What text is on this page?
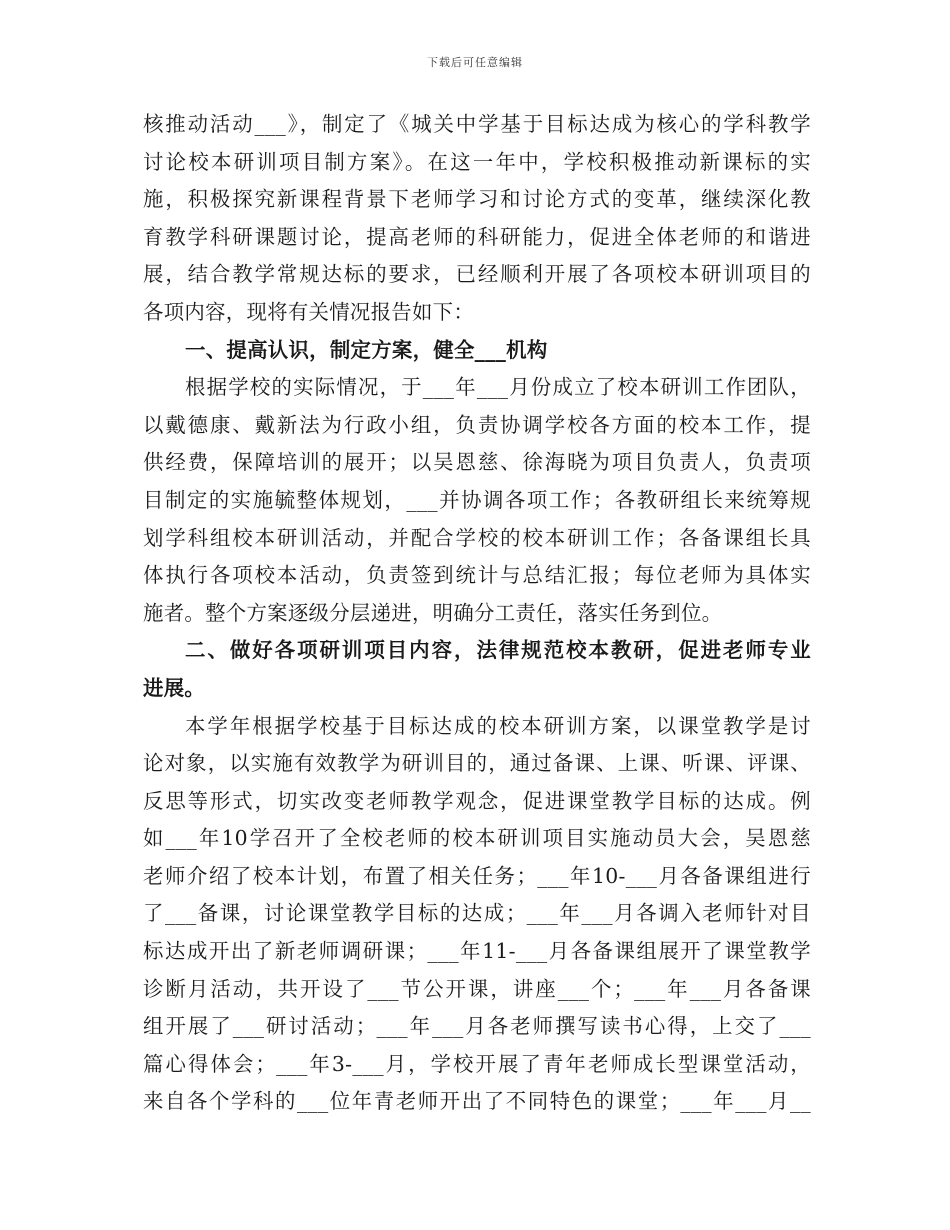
下载后可任意编辑
核推动活动___》，制定了《城关中学基于目标达成为核心的学科教学
讨论校本研训项目制方案》。在这一年中，学校积极推动新课标的实
施，积极探究新课程背景下老师学习和讨论方式的变革，继续深化教
育教学科研课题讨论，提高老师的科研能力，促进全体老师的和谐进
展，结合教学常规达标的要求，已经顺利开展了各项校本研训项目的
各项内容，现将有关情况报告如下：
一、提高认识，制定方案，健全___机构
根据学校的实际情况，于___年___月份成立了校本研训工作团队，
以戴德康、戴新法为行政小组，负责协调学校各方面的校本工作，提
供经费，保障培训的展开；以吴恩慈、徐海晓为项目负责人，负责项
目制定的实施毓整体规划，___并协调各项工作；各教研组长来统筹规
划学科组校本研训活动，并配合学校的校本研训工作；各备课组长具
体执行各项校本活动，负责签到统计与总结汇报；每位老师为具体实
施者。整个方案逐级分层递进，明确分工责任，落实任务到位。
二、做好各项研训项目内容，法律规范校本教研，促进老师专业
进展。
本学年根据学校基于目标达成的校本研训方案，以课堂教学是讨
论对象，以实施有效教学为研训目的，通过备课、上课、听课、评课、
反思等形式，切实改变老师教学观念，促进课堂教学目标的达成。例
如___年10学召开了全校老师的校本研训项目实施动员大会，吴恩慈
老师介绍了校本计划，布置了相关任务；___年10-___月各备课组进行
了___备课，讨论课堂教学目标的达成；___年___月各调入老师针对目
标达成开出了新老师调研课；___年11-___月各备课组展开了课堂教学
诊断月活动，共开设了___节公开课，讲座___个；___年___月各备课
组开展了___研讨活动；___年___月各老师撰写读书心得，上交了___
篇心得体会；___年3-___月，学校开展了青年老师成长型课堂活动，
来自各个学科的___位年青老师开出了不同特色的课堂；___年___月__
